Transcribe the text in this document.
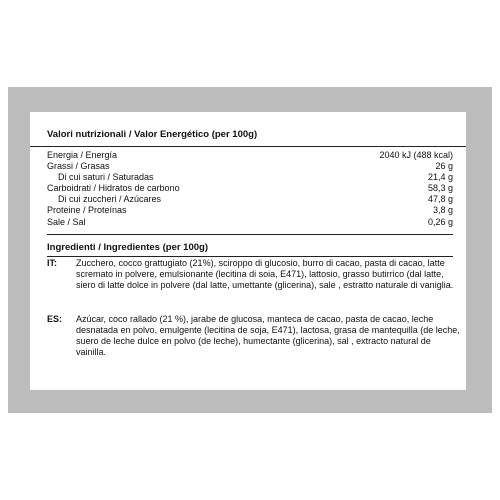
Valori nutrizionali / Valor Energético (per 100g)
Energia / Energía	2040 kJ (488 kcal)
Grassi / Grasas	26 g
Di cui saturi / Saturadas	21,4 g
Carboidrati / Hidratos de carbono	58,3 g
Di cui zuccheri / Azúcares	47,8 g
Proteine / Proteínas	3,8 g
Sale / Sal	0,26 g
Ingredienti / Ingredientes (per 100g)
IT: Zucchero, cocco grattugiato (21%), sciroppo di glucosio, burro di cacao, pasta di cacao, latte scremato in polvere, emulsionante (lecitina di soia, E471), lattosio, grasso butirrico (dal latte, siero di latte dolce in polvere (dal latte, umettante (glicerina), sale , estratto naturale di vaniglia.

ES: Azúcar, coco rallado (21 %), jarabe de glucosa, manteca de cacao, pasta de cacao, leche desnatada en polvo, emulgente (lecitina de soja, E471), lactosa, grasa de mantequilla (de leche, suero de leche dulce en polvo (de leche), humectante (glicerina), sal , extracto natural de vainilla.
